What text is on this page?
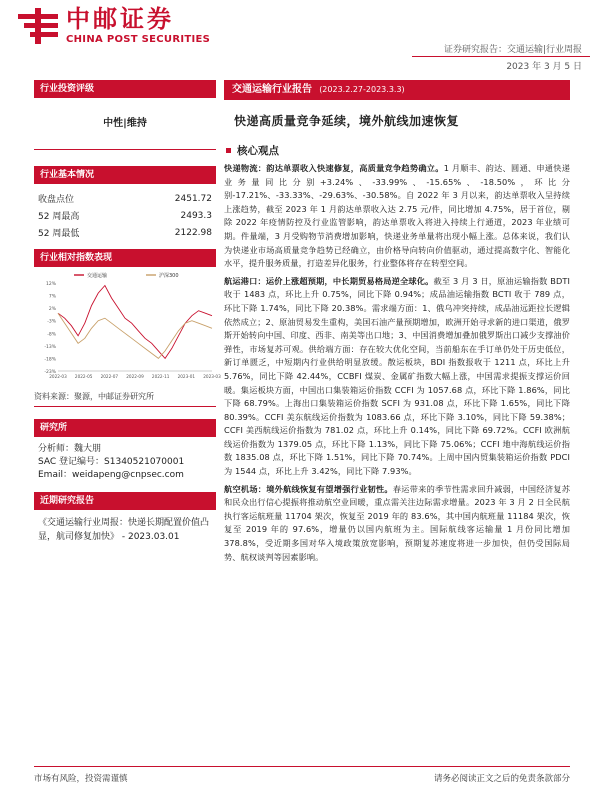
中邮证券
CHINA POST SECURITIES
证券研究报告：交通运输|行业周报
2023 年 3 月 5 日
行业投资评级
中性|维持
行业基本情况
收盘点位	2451.72
52 周最高	2493.3
52 周最低	2122.98
行业相对指数表现
12%
7%
2%
-3%
-8%
-13%
-18%
-23%
2022-03 2022-05 2022-07 2022-09 2022-11 2023-01 2023-03
交通运输	沪深300
资料来源：聚源，中邮证券研究所
研究所
分析师：魏大朋
SAC 登记编号：S1340521070001
Email：weidapeng@cnpsec.com
近期研究报告
《交通运输行业周报：快递长期配置价值凸显，航司修复加快》 - 2023.03.01
交通运输行业报告 (2023.2.27-2023.3.3)
快递高质量竞争延续，境外航线加速恢复
核心观点

快递物流：韵达单票收入快速修复，高质量竞争趋势确立。1 月顺丰、韵达、圆通、申通快递业务量同比分别+3.24%、-33.99%、-15.65%、-18.50%，环比分别-17.21%、-33.33%、-29.63%、-30.58%。自 2022 年 3 月以来，韵达单票收入呈持续上涨趋势，截至 2023 年 1 月韵达单票收入达 2.75 元/件，同比增加 4.75%，居于首位，剔除 2022 年疫情防控及行业监管影响，韵达单票收入将进入持续上行通道，2023 年业绩可期。件量端，3 月受购物节消费增加影响，快递业务单量将出现小幅上涨。总体来说，我们认为快递业市场高质量竞争趋势已经确立，由价格导向转向价值驱动，通过提高数字化、智能化水平，提升服务质量，打造差异化服务，行业整体将存在转型空间。

航运港口：运价上涨超预期，中长期贸易格局逆全球化。截至 3 月 3 日，原油运输指数 BDTI 收于 1483 点，环比上升 0.75%，同比下降 0.94%；成品油运输指数 BCTI 收于 789 点，环比下降 1.74%，同比下降 20.38%。需求端方面：1、俄乌冲突持续，成品油远距拉长逻辑依然成立；2、原油贸易发生重构，美国石油产量预期增加，欧洲开始寻求新的进口渠道，俄罗斯开始转向中国、印度、西非、南美等出口地；3、中国消费增加叠加俄罗斯出口减少支撑油价弹性，市场复苏可观。供给端方面：存在较大优化空间，当前船东在手订单仍处于历史低位，新订单匮乏，中短期内行业供给明显放缓。散运板块，BDI 指数报收于 1211 点，环比上升 5.76%，同比下降 42.44%，CCBFI 煤炭、金属矿指数大幅上涨，中国需求提振支撑运价回暖。集运板块方面，中国出口集装箱运价指数 CCFI 为 1057.68 点，环比下降 1.86%，同比下降 68.79%。上海出口集装箱运价指数 SCFI 为 931.08 点，环比下降 1.65%，同比下降 80.39%。CCFI 美东航线运价指数为 1083.66 点，环比下降 3.10%，同比下降 59.38%；CCFI 美西航线运价指数为 781.02 点，环比上升 0.14%，同比下降 69.72%。CCFI 欧洲航线运价指数为 1379.05 点，环比下降 1.13%，同比下降 75.06%；CCFI 地中海航线运价指数 1835.08 点，环比下降 1.51%，同比下降 70.74%。上周中国内贸集装箱运价指数 PDCI 为 1544 点，环比上升 3.42%，同比下降 7.93%。

航空机场：境外航线恢复有望增强行业韧性。春运带来的季节性需求回升减弱，中国经济复苏和民众出行信心提振将推动航空业回暖，重点需关注边际需求增量。2023 年 3 月 2 日全民航执行客运航班量 11704 架次，恢复至 2019 年的 83.6%，其中国内航班量 11184 架次，恢复至 2019 年的 97.6%，增量仍以国内航班为主。国际航线客运输量 1 月份同比增加 378.8%，受近期多国对华入境政策放宽影响，预期复苏速度将进一步加快，但仍受国际局势、航权谈判等因素影响。

市场有风险，投资需谨慎	请务必阅读正文之后的免责条款部分
